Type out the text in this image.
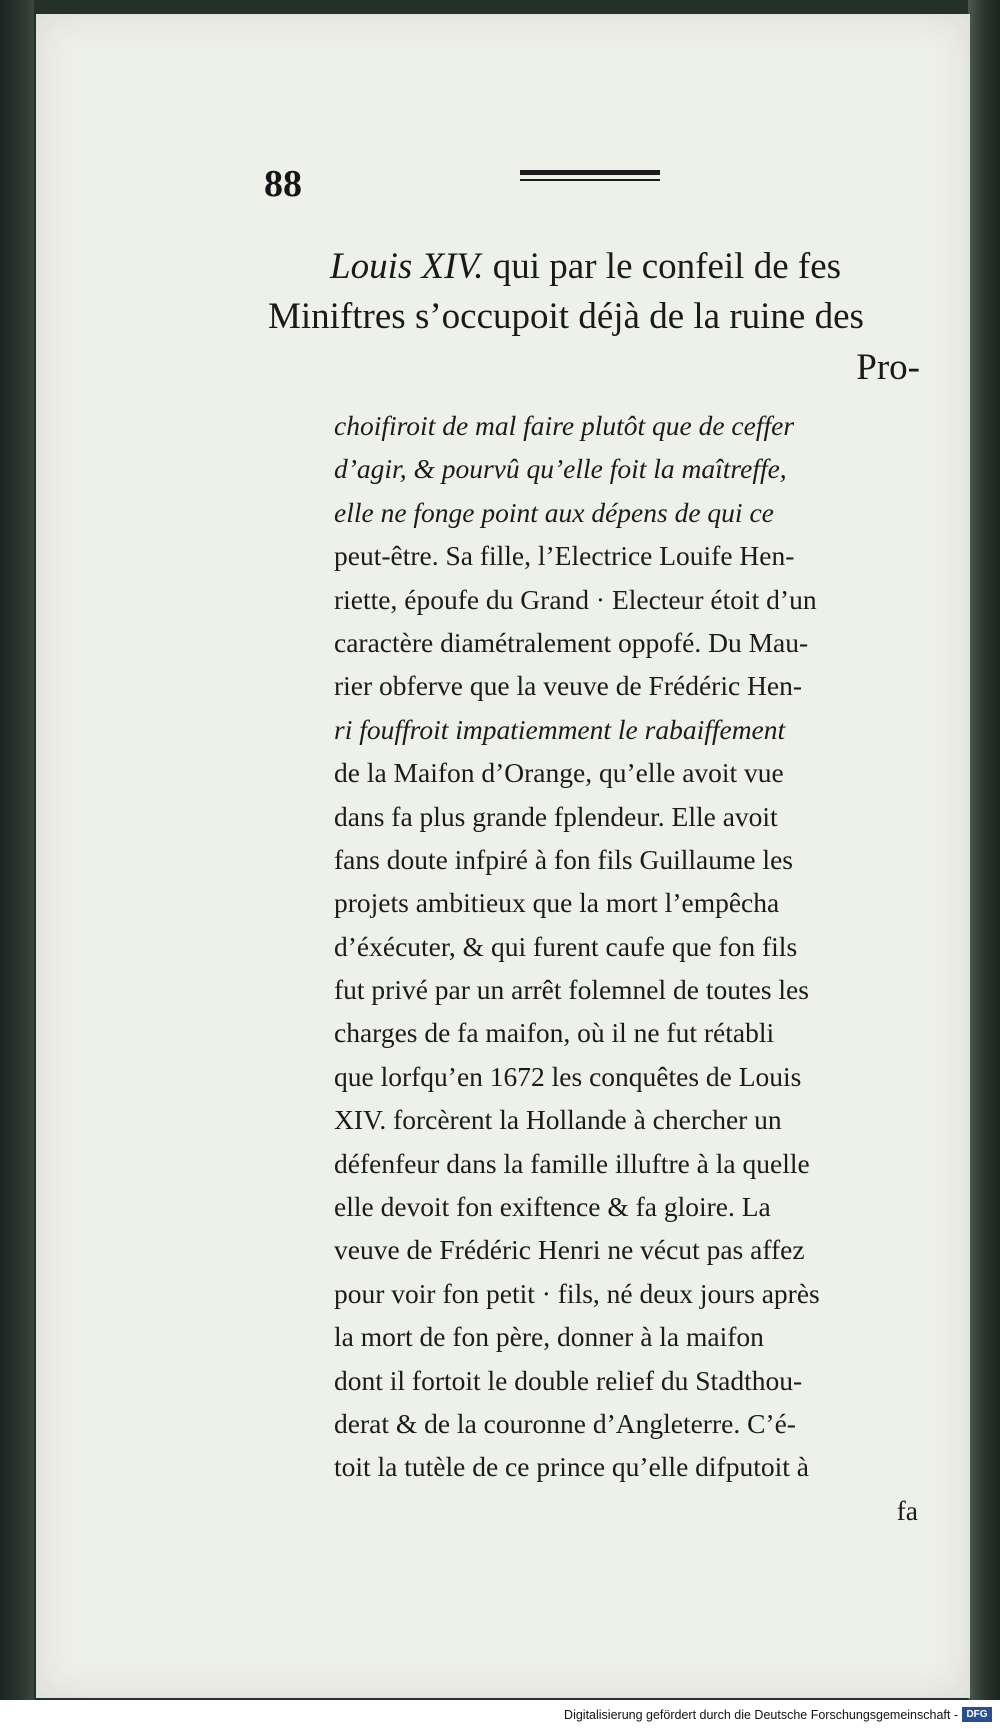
88
Louis XIV. qui par le confeil de fes
Miniftres s’occupoit déjà de la ruine des
Pro-
choifiroit de mal faire plutôt que de ceffer
d’agir, & pourvû qu’elle foit la maîtreffe,
elle ne fonge point aux dépens de qui ce
peut-être. Sa fille, l’Electrice Louife Hen-
riette, époufe du Grand · Electeur étoit d’un
caractère diamétralement oppofé. Du Mau-
rier obferve que la veuve de Frédéric Hen-
ri fouffroit impatiemment le rabaiffement
de la Maifon d’Orange, qu’elle avoit vue
dans fa plus grande fplendeur. Elle avoit
fans doute infpiré à fon fils Guillaume les
projets ambitieux que la mort l’empêcha
d’éxécuter, & qui furent caufe que fon fils
fut privé par un arrêt folemnel de toutes les
charges de fa maifon, où il ne fut rétabli
que lorfqu’en 1672 les conquêtes de Louis
XIV. forcèrent la Hollande à chercher un
défenfeur dans la famille illuftre à la quelle
elle devoit fon exiftence & fa gloire. La
veuve de Frédéric Henri ne vécut pas affez
pour voir fon petit · fils, né deux jours après
la mort de fon père, donner à la maifon
dont il fortoit le double relief du Stadthou-
derat & de la couronne d’Angleterre. C’é-
toit la tutèle de ce prince qu’elle difputoit à
fa
Digitalisierung gefördert durch die Deutsche Forschungsgemeinschaft - DFG
